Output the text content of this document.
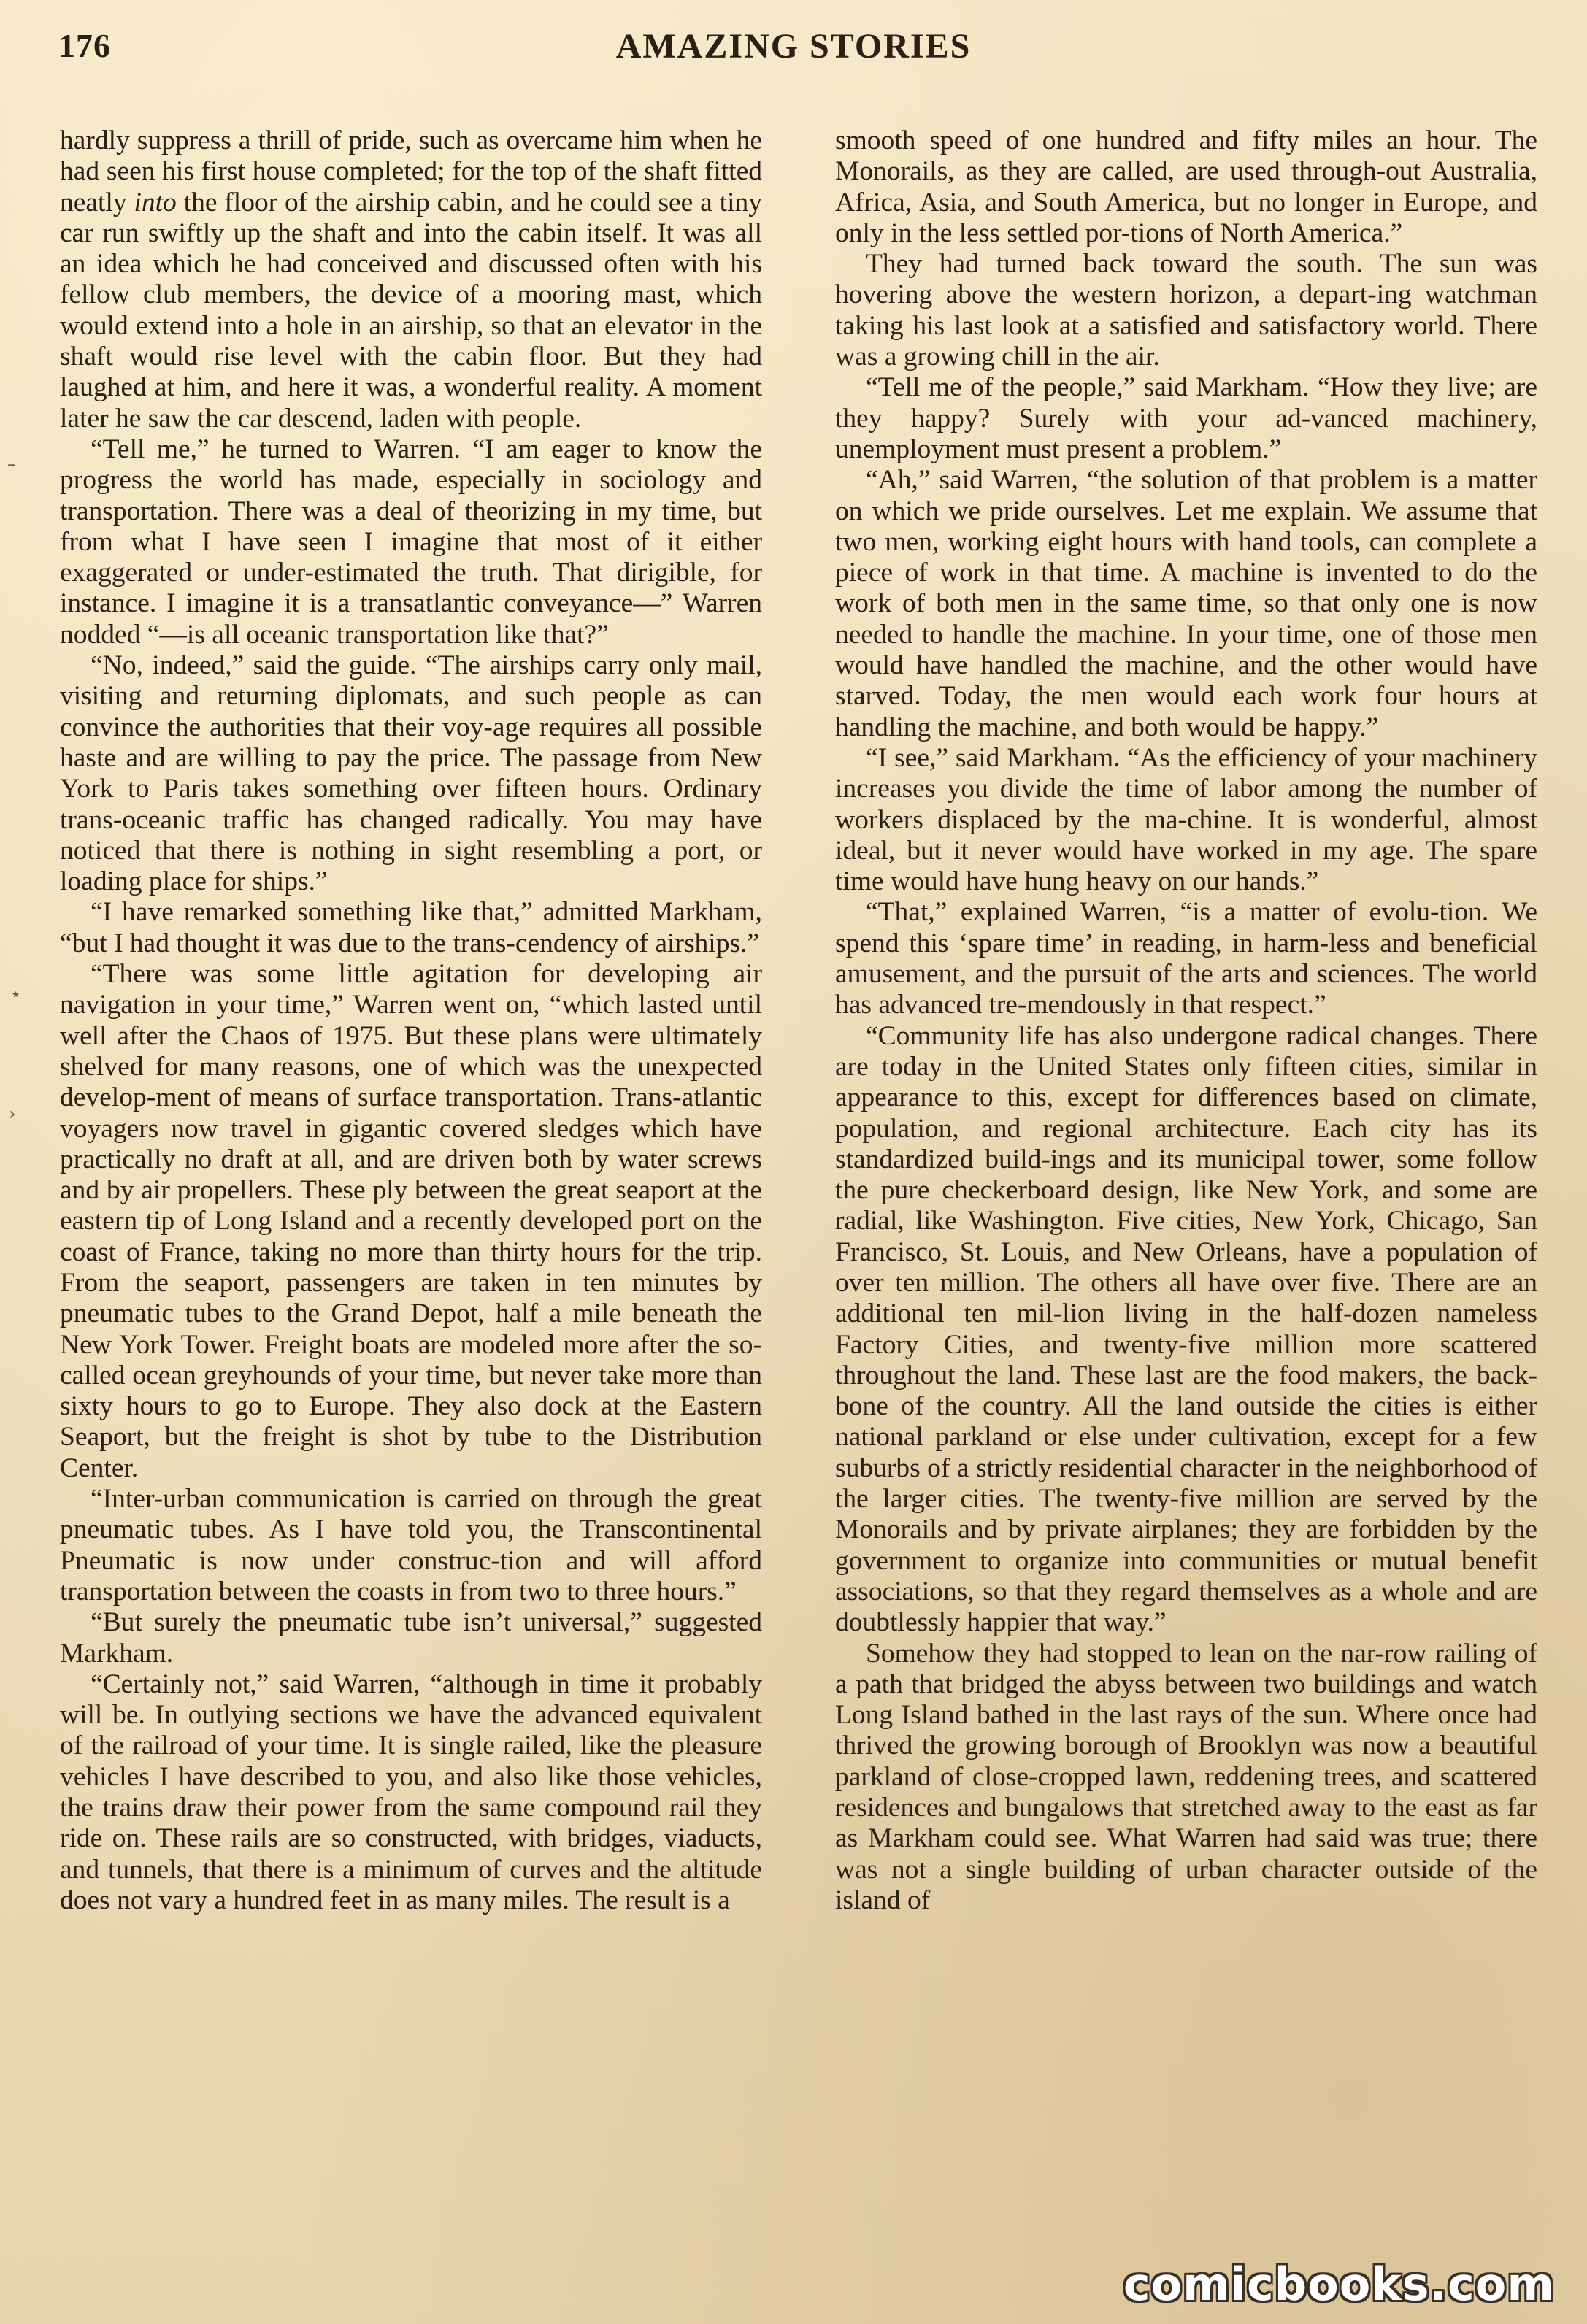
176	AMAZING STORIES

hardly suppress a thrill of pride, such as overcame him when he had seen his first house completed; for the top of the shaft fitted neatly into the floor of the airship cabin, and he could see a tiny car run swiftly up the shaft and into the cabin itself. It was all an idea which he had conceived and discussed often with his fellow club members, the device of a mooring mast, which would extend into a hole in an airship, so that an elevator in the shaft would rise level with the cabin floor. But they had laughed at him, and here it was, a wonderful reality. A moment later he saw the car descend, laden with people.

“Tell me,” he turned to Warren. “I am eager to know the progress the world has made, especially in sociology and transportation. There was a deal of theorizing in my time, but from what I have seen I imagine that most of it either exaggerated or under-estimated the truth. That dirigible, for instance. I imagine it is a transatlantic conveyance—” Warren nodded “—is all oceanic transportation like that?”

“No, indeed,” said the guide. “The airships carry only mail, visiting and returning diplomats, and such people as can convince the authorities that their voy-age requires all possible haste and are willing to pay the price. The passage from New York to Paris takes something over fifteen hours. Ordinary trans-oceanic traffic has changed radically. You may have noticed that there is nothing in sight resembling a port, or loading place for ships.”

“I have remarked something like that,” admitted Markham, “but I had thought it was due to the trans-cendency of airships.”

“There was some little agitation for developing air navigation in your time,” Warren went on, “which lasted until well after the Chaos of 1975. But these plans were ultimately shelved for many reasons, one of which was the unexpected develop-ment of means of surface transportation. Trans-atlantic voyagers now travel in gigantic covered sledges which have practically no draft at all, and are driven both by water screws and by air propellers. These ply between the great seaport at the eastern tip of Long Island and a recently developed port on the coast of France, taking no more than thirty hours for the trip. From the seaport, passengers are taken in ten minutes by pneumatic tubes to the Grand Depot, half a mile beneath the New York Tower. Freight boats are modeled more after the so-called ocean greyhounds of your time, but never take more than sixty hours to go to Europe. They also dock at the Eastern Seaport, but the freight is shot by tube to the Distribution Center.

“Inter-urban communication is carried on through the great pneumatic tubes. As I have told you, the Transcontinental Pneumatic is now under construc-tion and will afford transportation between the coasts in from two to three hours.”

“But surely the pneumatic tube isn’t universal,” suggested Markham.

“Certainly not,” said Warren, “although in time it probably will be. In outlying sections we have the advanced equivalent of the railroad of your time. It is single railed, like the pleasure vehicles I have described to you, and also like those vehicles, the trains draw their power from the same compound rail they ride on. These rails are so constructed, with bridges, viaducts, and tunnels, that there is a minimum of curves and the altitude does not vary a hundred feet in as many miles. The result is a

smooth speed of one hundred and fifty miles an hour. The Monorails, as they are called, are used through-out Australia, Africa, Asia, and South America, but no longer in Europe, and only in the less settled por-tions of North America.”

They had turned back toward the south. The sun was hovering above the western horizon, a depart-ing watchman taking his last look at a satisfied and satisfactory world. There was a growing chill in the air.

“Tell me of the people,” said Markham. “How they live; are they happy? Surely with your ad-vanced machinery, unemployment must present a problem.”

“Ah,” said Warren, “the solution of that problem is a matter on which we pride ourselves. Let me explain. We assume that two men, working eight hours with hand tools, can complete a piece of work in that time. A machine is invented to do the work of both men in the same time, so that only one is now needed to handle the machine. In your time, one of those men would have handled the machine, and the other would have starved. Today, the men would each work four hours at handling the machine, and both would be happy.”

“I see,” said Markham. “As the efficiency of your machinery increases you divide the time of labor among the number of workers displaced by the ma-chine. It is wonderful, almost ideal, but it never would have worked in my age. The spare time would have hung heavy on our hands.”

“That,” explained Warren, “is a matter of evolu-tion. We spend this ‘spare time’ in reading, in harm-less and beneficial amusement, and the pursuit of the arts and sciences. The world has advanced tre-mendously in that respect.”

“Community life has also undergone radical changes. There are today in the United States only fifteen cities, similar in appearance to this, except for differences based on climate, population, and regional architecture. Each city has its standardized build-ings and its municipal tower, some follow the pure checkerboard design, like New York, and some are radial, like Washington. Five cities, New York, Chicago, San Francisco, St. Louis, and New Orleans, have a population of over ten million. The others all have over five. There are an additional ten mil-lion living in the half-dozen nameless Factory Cities, and twenty-five million more scattered throughout the land. These last are the food makers, the back-bone of the country. All the land outside the cities is either national parkland or else under cultivation, except for a few suburbs of a strictly residential character in the neighborhood of the larger cities. The twenty-five million are served by the Monorails and by private airplanes; they are forbidden by the government to organize into communities or mutual benefit associations, so that they regard themselves as a whole and are doubtlessly happier that way.”

Somehow they had stopped to lean on the nar-row railing of a path that bridged the abyss between two buildings and watch Long Island bathed in the last rays of the sun. Where once had thrived the growing borough of Brooklyn was now a beautiful parkland of close-cropped lawn, reddening trees, and scattered residences and bungalows that stretched away to the east as far as Markham could see. What Warren had said was true; there was not a single building of urban character outside of the island of

–
⋆
›
comicbooks.com
